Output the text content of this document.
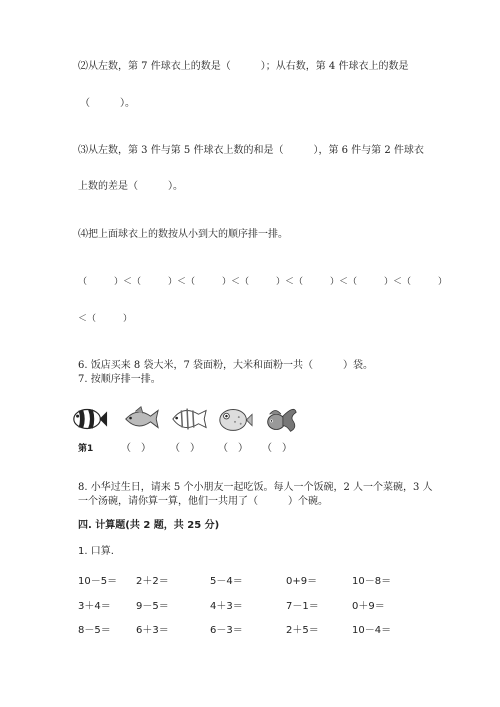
⑵从左数，第 7 件球衣上的数是（　　　）；从右数，第 4 件球衣上的数是
（　　　）。
⑶从左数，第 3 件与第 5 件球衣上数的和是（　　　），第 6 件与第 2 件球衣
上数的差是（　　　）。
⑷把上面球衣上的数按从小到大的顺序排一排。
（　　　）＜（　　　）＜（　　　）＜（　　　）＜（　　　）＜（　　　）＜（　　　）
＜（　　　）
6. 饭店买来 8 袋大米，7 袋面粉，大米和面粉一共（　　　）袋。
7. 按顺序排一排。
第1	（　） （　） （　） （　）
8. 小华过生日，请来 5 个小朋友一起吃饭。每人一个饭碗，2 人一个菜碗，3 人
一个汤碗，请你算一算，他们一共用了（　　　）个碗。
四. 计算题(共 2 题，共 25 分)
1. 口算.
10－5＝ 2＋2＝	5－4＝	0+9＝	10－8＝
3＋4＝	9－5＝	4＋3＝	7－1＝	0＋9＝
8－5＝	6＋3＝	6－3＝	2＋5＝	10－4＝
